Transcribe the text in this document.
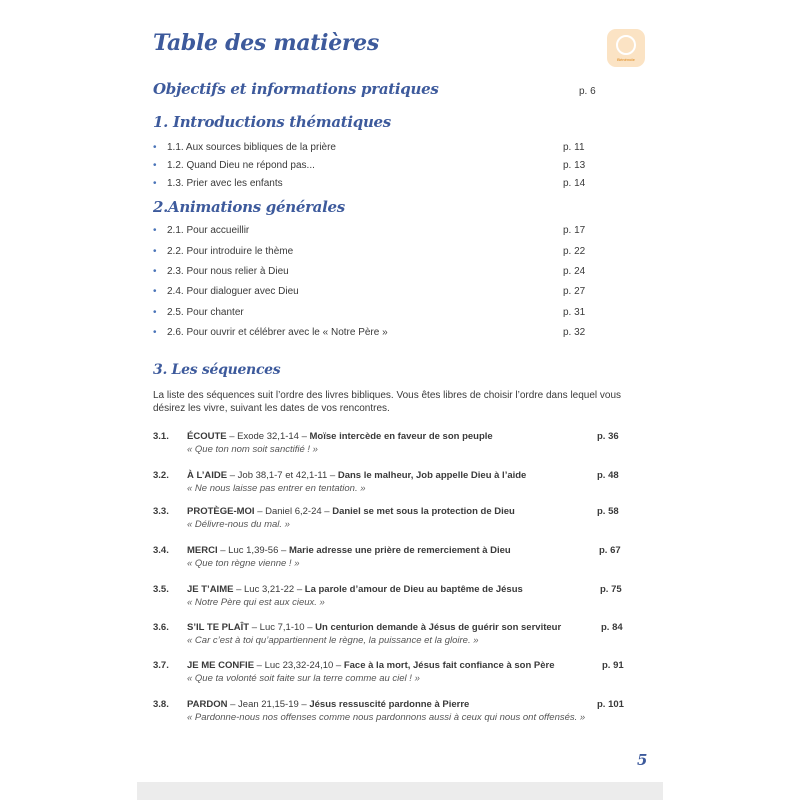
Table des matières
Bénévole
Objectifs et informations pratiques	p. 6
1. Introductions thématiques
•	1.1. Aux sources bibliques de la prière	p. 11
•	1.2. Quand Dieu ne répond pas...	p. 13
•	1.3. Prier avec les enfants	p. 14
2.Animations générales
•	2.1. Pour accueillir	p. 17
•	2.2. Pour introduire le thème	p. 22
•	2.3. Pour nous relier à Dieu	p. 24
•	2.4. Pour dialoguer avec Dieu	p. 27
•	2.5. Pour chanter	p. 31
•	2.6. Pour ouvrir et célébrer avec le « Notre Père »	p. 32
3. Les séquences

La liste des séquences suit l’ordre des livres bibliques. Vous êtes libres de choisir l’ordre dans lequel vous
désirez les vivre, suivant les dates de vos rencontres.

3.1. ÉCOUTE – Exode 32,1-14 – Moïse intercède en faveur de son peuple
« Que ton nom soit sanctifié ! »
p. 36
3.2. À L’AIDE – Job 38,1-7 et 42,1-11 – Dans le malheur, Job appelle Dieu à l’aide
« Ne nous laisse pas entrer en tentation. »
p. 48
3.3. PROTÈGE-MOI – Daniel 6,2-24 – Daniel se met sous la protection de Dieu
« Délivre-nous du mal. »
p. 58
3.4. MERCI – Luc 1,39-56 – Marie adresse une prière de remerciement à Dieu
« Que ton règne vienne ! »
p. 67
3.5. JE T’AIME – Luc 3,21-22 – La parole d’amour de Dieu au baptême de Jésus
« Notre Père qui est aux cieux. »
p. 75
3.6. S’IL TE PLAÎT – Luc 7,1-10 – Un centurion demande à Jésus de guérir son serviteur
« Car c’est à toi qu’appartiennent le règne, la puissance et la gloire. »
p. 84
3.7. JE ME CONFIE – Luc 23,32-24,10 – Face à la mort, Jésus fait confiance à son Père
« Que ta volonté soit faite sur la terre comme au ciel ! »
p. 91
3.8. PARDON – Jean 21,15-19 – Jésus ressuscité pardonne à Pierre
« Pardonne-nous nos offenses comme nous pardonnons aussi à ceux qui nous ont offensés. »
p. 101
5
